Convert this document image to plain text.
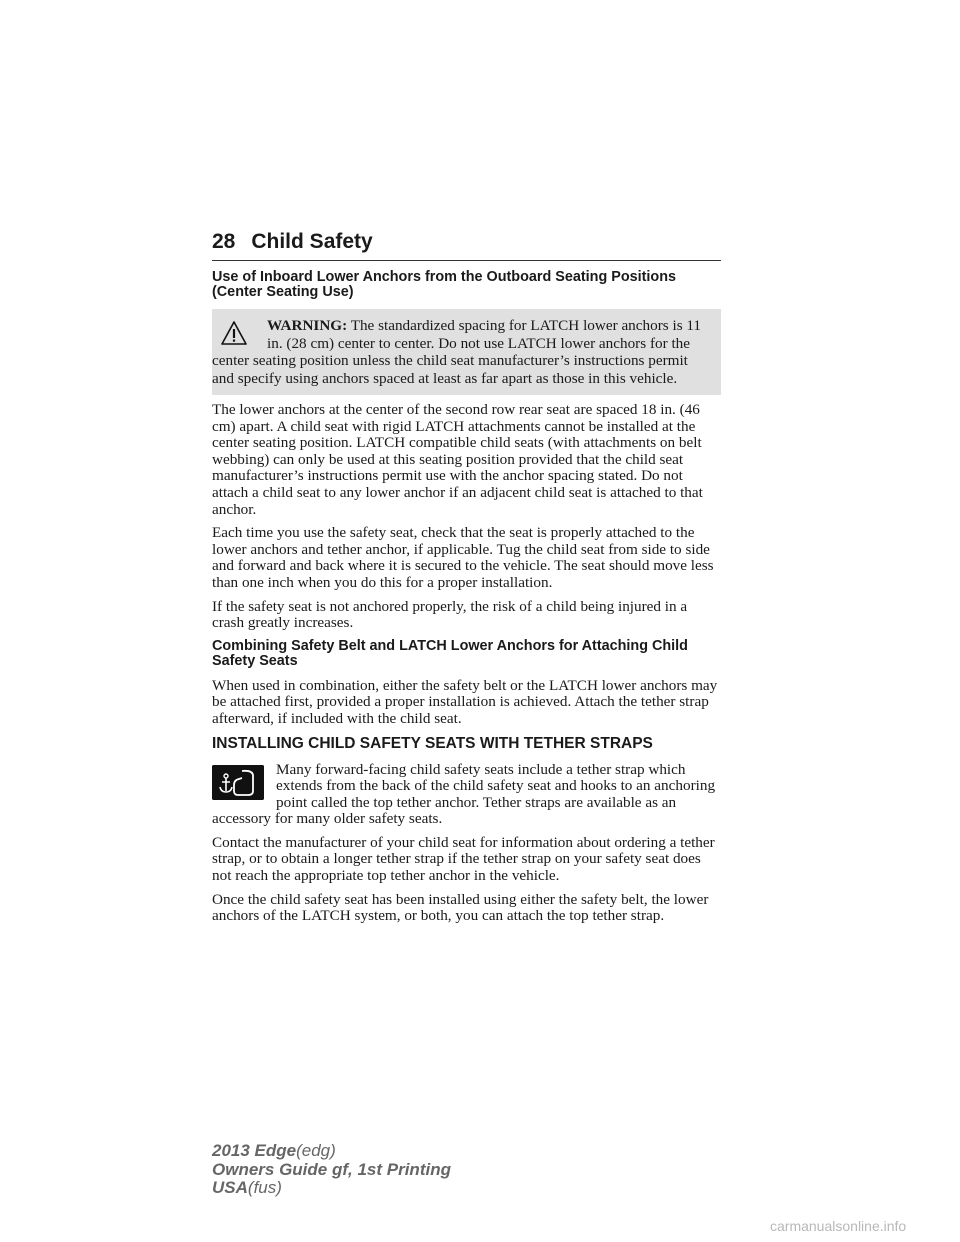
28 Child Safety
Use of Inboard Lower Anchors from the Outboard Seating Positions (Center Seating Use)
WARNING: The standardized spacing for LATCH lower anchors is 11 in. (28 cm) center to center. Do not use LATCH lower anchors for the center seating position unless the child seat manufacturer’s instructions permit and specify using anchors spaced at least as far apart as those in this vehicle.

The lower anchors at the center of the second row rear seat are spaced 18 in. (46 cm) apart. A child seat with rigid LATCH attachments cannot be installed at the center seating position. LATCH compatible child seats (with attachments on belt webbing) can only be used at this seating position provided that the child seat manufacturer’s instructions permit use with the anchor spacing stated. Do not attach a child seat to any lower anchor if an adjacent child seat is attached to that anchor.

Each time you use the safety seat, check that the seat is properly attached to the lower anchors and tether anchor, if applicable. Tug the child seat from side to side and forward and back where it is secured to the vehicle. The seat should move less than one inch when you do this for a proper installation.

If the safety seat is not anchored properly, the risk of a child being injured in a crash greatly increases.

Combining Safety Belt and LATCH Lower Anchors for Attaching Child Safety Seats

When used in combination, either the safety belt or the LATCH lower anchors may be attached first, provided a proper installation is achieved. Attach the tether strap afterward, if included with the child seat.

INSTALLING CHILD SAFETY SEATS WITH TETHER STRAPS

Many forward-facing child safety seats include a tether strap which extends from the back of the child safety seat and hooks to an anchoring point called the top tether anchor. Tether straps are available as an accessory for many older safety seats.

Contact the manufacturer of your child seat for information about ordering a tether strap, or to obtain a longer tether strap if the tether strap on your safety seat does not reach the appropriate top tether anchor in the vehicle.

Once the child safety seat has been installed using either the safety belt, the lower anchors of the LATCH system, or both, you can attach the top tether strap.

2013 Edge(edg)
Owners Guide gf, 1st Printing
USA(fus)
carmanualsonline.info
